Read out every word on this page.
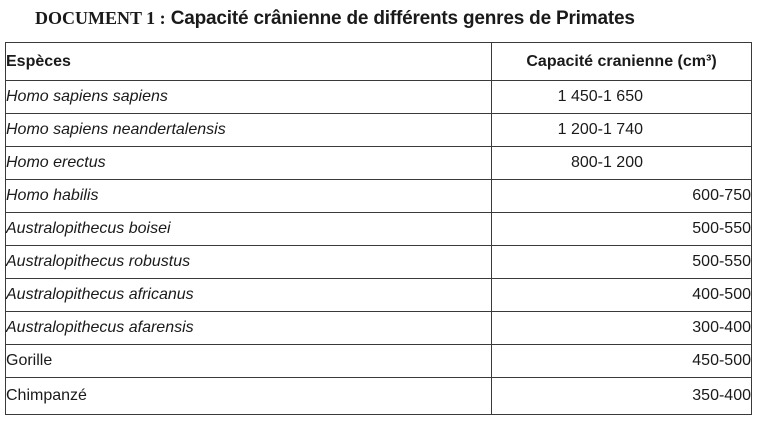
DOCUMENT 1 : Capacité crânienne de différents genres de Primates
Espèces	Capacité cranienne (cm³)
Homo sapiens sapiens	1 450-1 650
Homo sapiens neandertalensis	1 200-1 740
Homo erectus	800-1 200
Homo habilis	600-750
Australopithecus boisei	500-550
Australopithecus robustus	500-550
Australopithecus africanus	400-500
Australopithecus afarensis	300-400
Gorille	450-500
Chimpanzé	350-400
